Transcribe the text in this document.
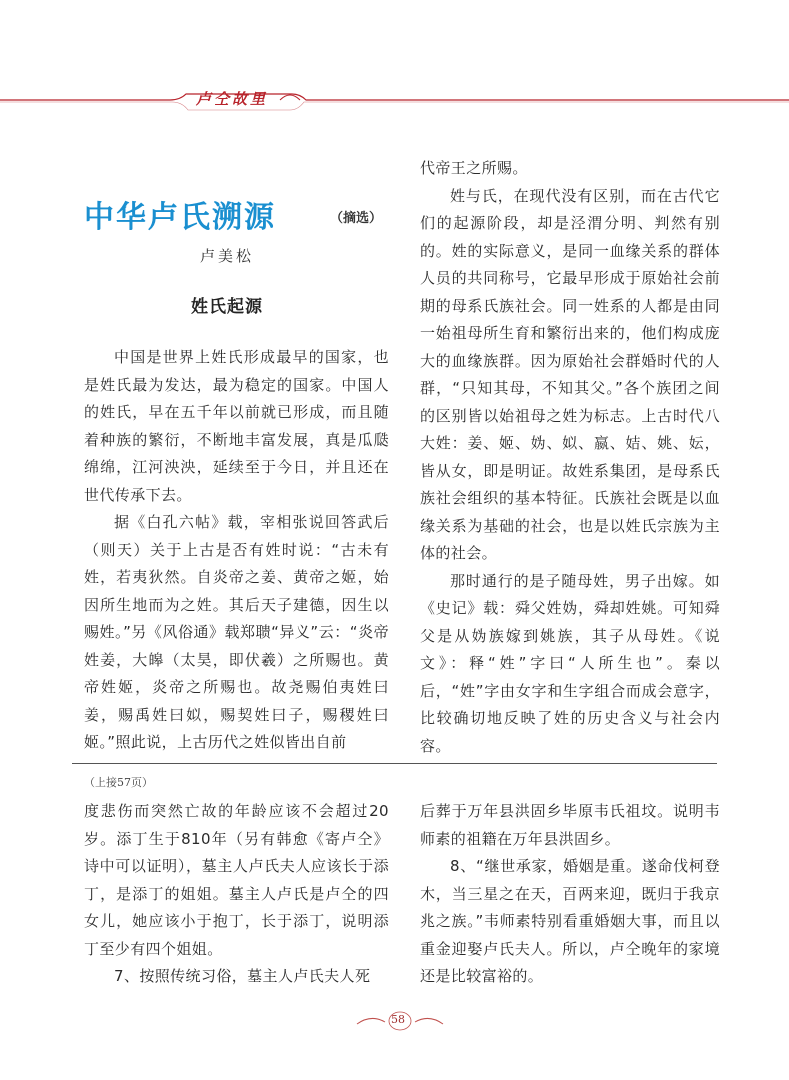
卢仝故里
中华卢氏溯源	（摘选）
卢美松
姓氏起源

中国是世界上姓氏形成最早的国家，也是姓氏最为发达，最为稳定的国家。中国人的姓氏，早在五千年以前就已形成，而且随着种族的繁衍，不断地丰富发展，真是瓜瓞绵绵，江河泱泱，延续至于今日，并且还在世代传承下去。

据《白孔六帖》载，宰相张说回答武后（则天）关于上古是否有姓时说：“古未有姓，若夷狄然。自炎帝之姜、黄帝之姬，始因所生地而为之姓。其后天子建德，因生以赐姓。”另《风俗通》载郑聩“异义”云：“炎帝姓姜，大皞（太昊，即伏羲）之所赐也。黄帝姓姬，炎帝之所赐也。故尧赐伯夷姓曰姜，赐禹姓曰姒，赐契姓曰子，赐稷姓曰姬。”照此说，上古历代之姓似皆出自前

代帝王之所赐。

姓与氏，在现代没有区别，而在古代它们的起源阶段，却是泾渭分明、判然有别的。姓的实际意义，是同一血缘关系的群体人员的共同称号，它最早形成于原始社会前期的母系氏族社会。同一姓系的人都是由同一始祖母所生育和繁衍出来的，他们构成庞大的血缘族群。因为原始社会群婚时代的人群，“只知其母，不知其父。”各个族团之间的区别皆以始祖母之姓为标志。上古时代八大姓：姜、姬、妫、姒、嬴、姞、姚、妘，皆从女，即是明证。故姓系集团，是母系氏族社会组织的基本特征。氏族社会既是以血缘关系为基础的社会，也是以姓氏宗族为主体的社会。

那时通行的是子随母姓，男子出嫁。如《史记》载：舜父姓妫，舜却姓姚。可知舜父是从妫族嫁到姚族，其子从母姓。《说文》：释“姓”字曰“人所生也”。秦以后，“姓”字由女字和生字组合而成会意字，比较确切地反映了姓的历史含义与社会内容。

（上接57页）

度悲伤而突然亡故的年龄应该不会超过20岁。添丁生于810年（另有韩愈《寄卢仝》诗中可以证明），墓主人卢氏夫人应该长于添丁，是添丁的姐姐。墓主人卢氏是卢仝的四女儿，她应该小于抱丁，长于添丁，说明添丁至少有四个姐姐。

7、按照传统习俗，墓主人卢氏夫人死

后葬于万年县洪固乡毕原韦氏祖坟。说明韦师素的祖籍在万年县洪固乡。

8、“继世承家，婚姻是重。遂命伐柯登木，当三星之在天，百两来迎，既归于我京兆之族。”韦师素特别看重婚姻大事，而且以重金迎娶卢氏夫人。所以，卢仝晚年的家境还是比较富裕的。

58
